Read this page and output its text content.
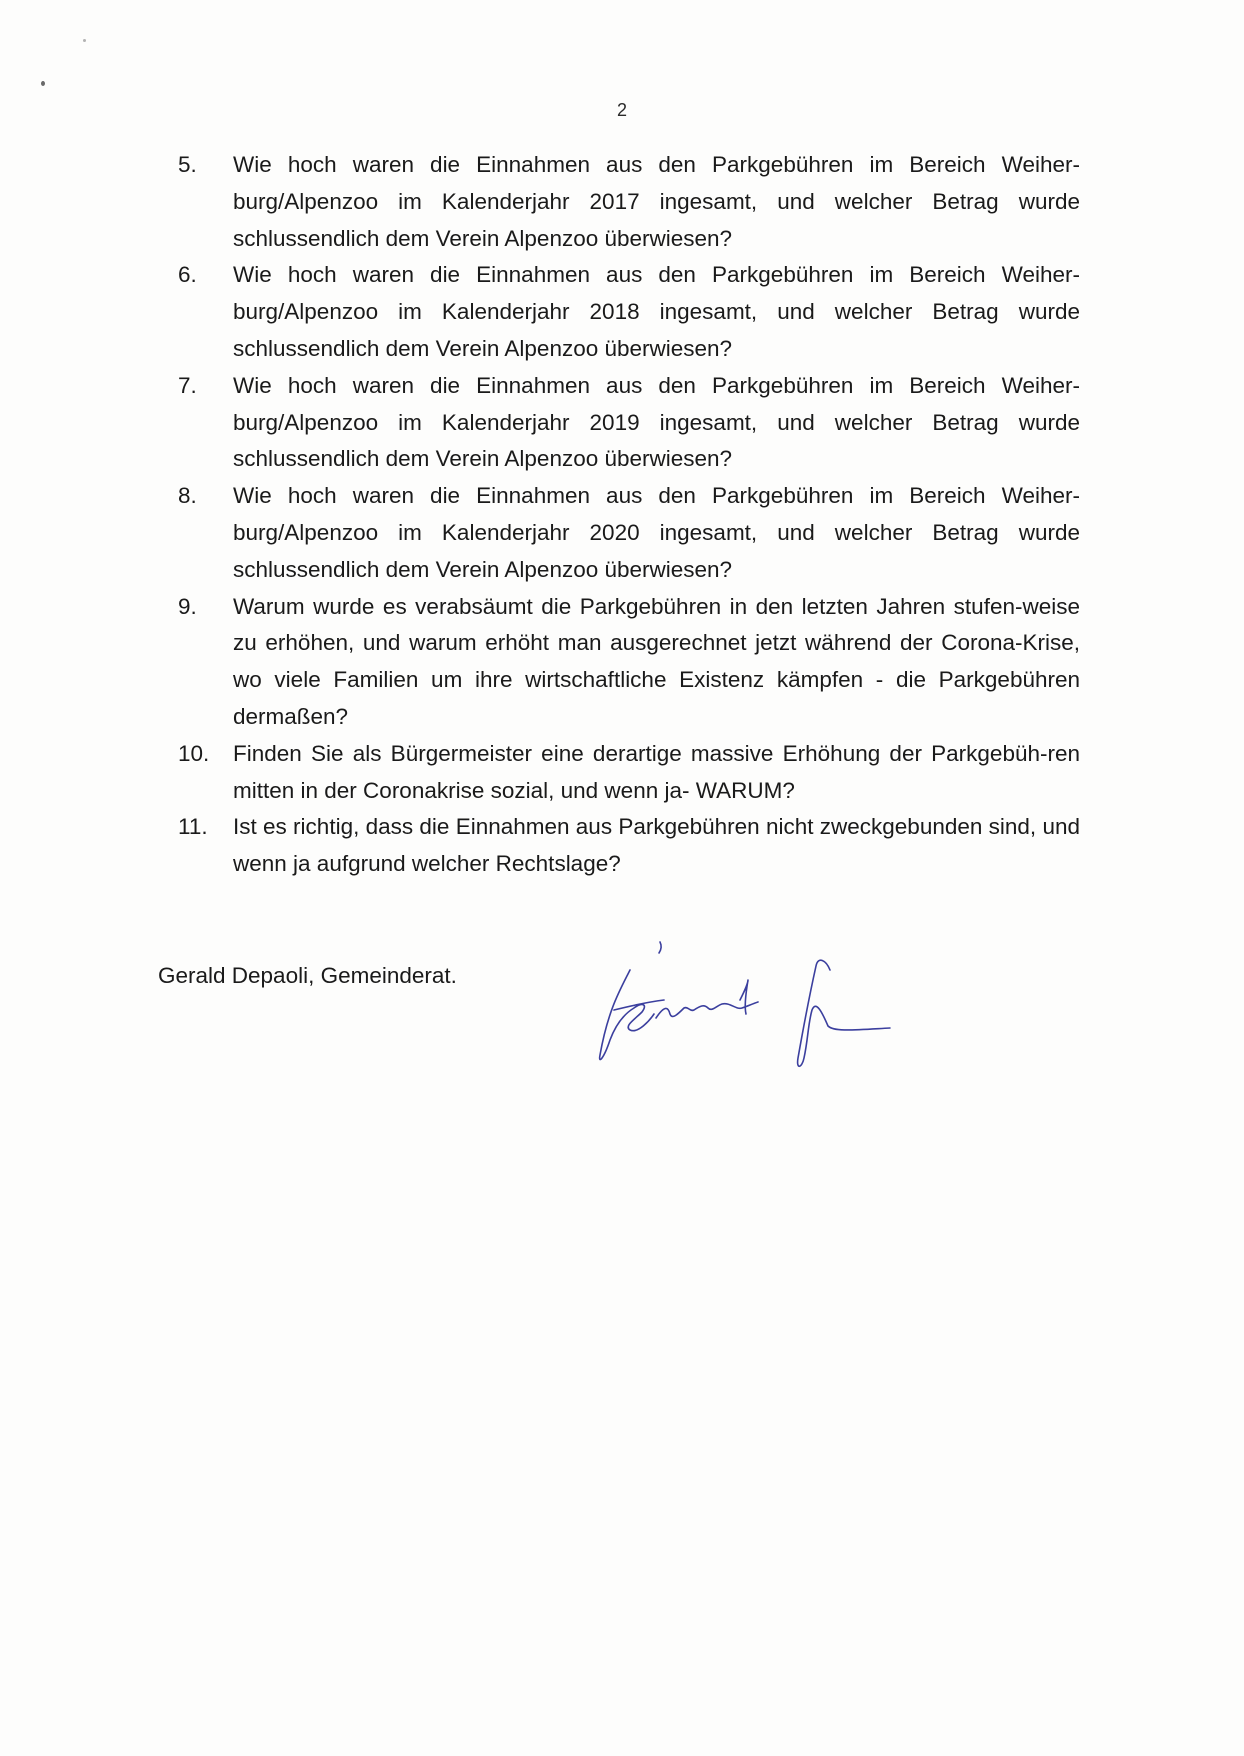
2
5. Wie hoch waren die Einnahmen aus den Parkgebühren im Bereich Weiher-burg/Alpenzoo im Kalenderjahr 2017 ingesamt, und welcher Betrag wurde schlussendlich dem Verein Alpenzoo überwiesen?
6. Wie hoch waren die Einnahmen aus den Parkgebühren im Bereich Weiher-burg/Alpenzoo im Kalenderjahr 2018 ingesamt, und welcher Betrag wurde schlussendlich dem Verein Alpenzoo überwiesen?
7. Wie hoch waren die Einnahmen aus den Parkgebühren im Bereich Weiher-burg/Alpenzoo im Kalenderjahr 2019 ingesamt, und welcher Betrag wurde schlussendlich dem Verein Alpenzoo überwiesen?
8. Wie hoch waren die Einnahmen aus den Parkgebühren im Bereich Weiher-burg/Alpenzoo im Kalenderjahr 2020 ingesamt, und welcher Betrag wurde schlussendlich dem Verein Alpenzoo überwiesen?
9. Warum wurde es verabsäumt die Parkgebühren in den letzten Jahren stufen-weise zu erhöhen, und warum erhöht man ausgerechnet jetzt während der Corona-Krise, wo viele Familien um ihre wirtschaftliche Existenz kämpfen - die Parkgebühren dermaßen?
10. Finden Sie als Bürgermeister eine derartige massive Erhöhung der Parkgebüh-ren mitten in der Coronakrise sozial, und wenn ja- WARUM?
11. Ist es richtig, dass die Einnahmen aus Parkgebühren nicht zweckgebunden sind, und wenn ja aufgrund welcher Rechtslage?
Gerald Depaoli, Gemeinderat.
